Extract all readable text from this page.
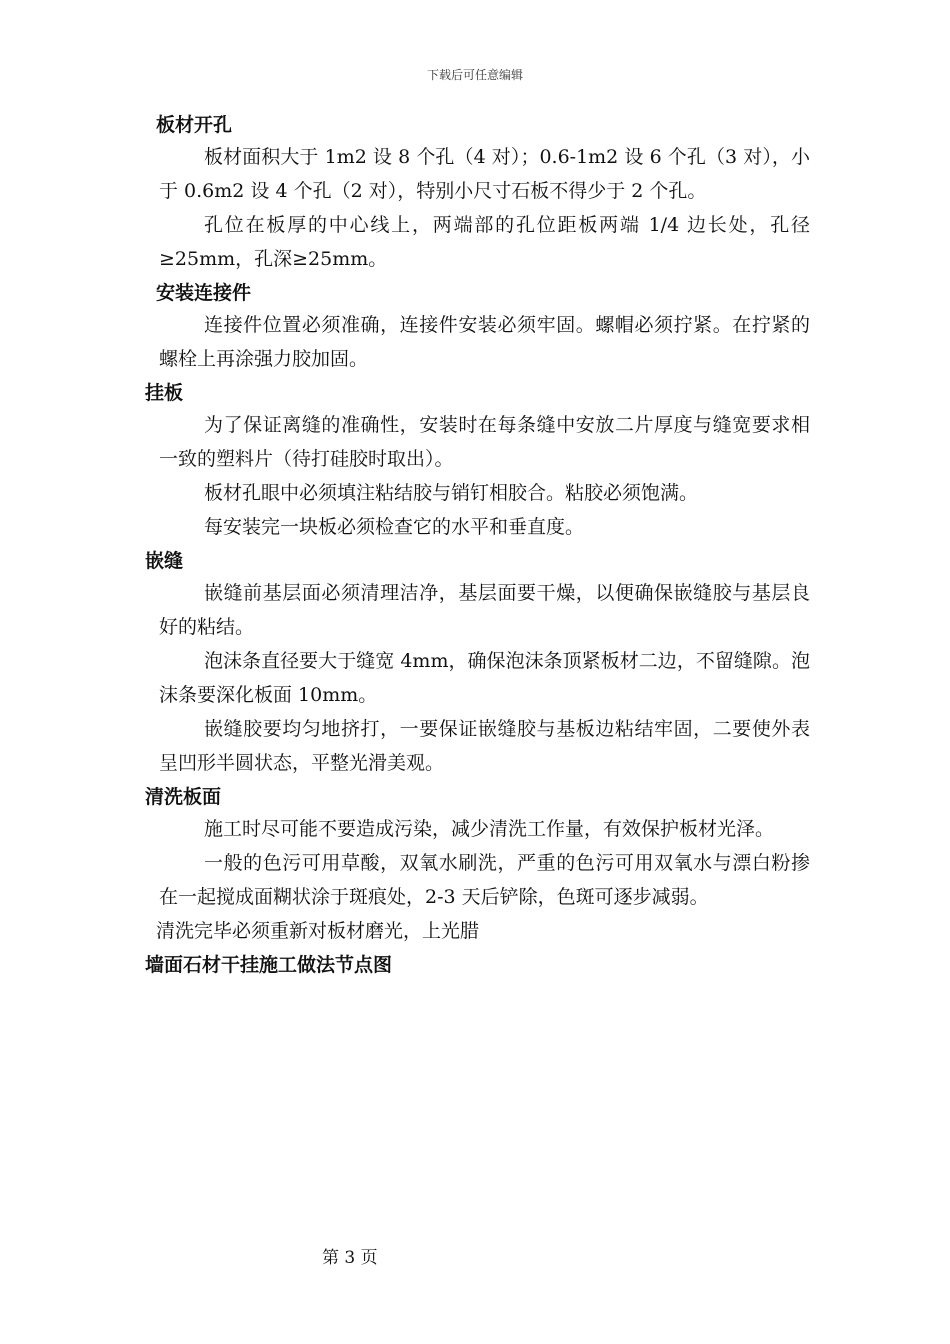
下载后可任意编辑
板材开孔

板材面积大于 1m2 设 8 个孔（4 对）；0.6-1m2 设 6 个孔（3 对），小于 0.6m2 设 4 个孔（2 对），特别小尺寸石板不得少于 2 个孔。

孔位在板厚的中心线上，两端部的孔位距板两端 1/4 边长处，孔径≥25mm，孔深≥25mm。

安装连接件

连接件位置必须准确，连接件安装必须牢固。螺帽必须拧紧。在拧紧的螺栓上再涂强力胶加固。

挂板

为了保证离缝的准确性，安装时在每条缝中安放二片厚度与缝宽要求相一致的塑料片（待打硅胶时取出）。

板材孔眼中必须填注粘结胶与销钉相胶合。粘胶必须饱满。

每安装完一块板必须检查它的水平和垂直度。

嵌缝

嵌缝前基层面必须清理洁净，基层面要干燥，以便确保嵌缝胶与基层良好的粘结。

泡沫条直径要大于缝宽 4mm，确保泡沫条顶紧板材二边，不留缝隙。泡沫条要深化板面 10mm。

嵌缝胶要均匀地挤打，一要保证嵌缝胶与基板边粘结牢固，二要使外表呈凹形半圆状态，平整光滑美观。

清洗板面

施工时尽可能不要造成污染，减少清洗工作量，有效保护板材光泽。

一般的色污可用草酸，双氧水刷洗，严重的色污可用双氧水与漂白粉掺在一起搅成面糊状涂于斑痕处，2-3 天后铲除，色斑可逐步减弱。

清洗完毕必须重新对板材磨光，上光腊

墙面石材干挂施工做法节点图
第 3 页
